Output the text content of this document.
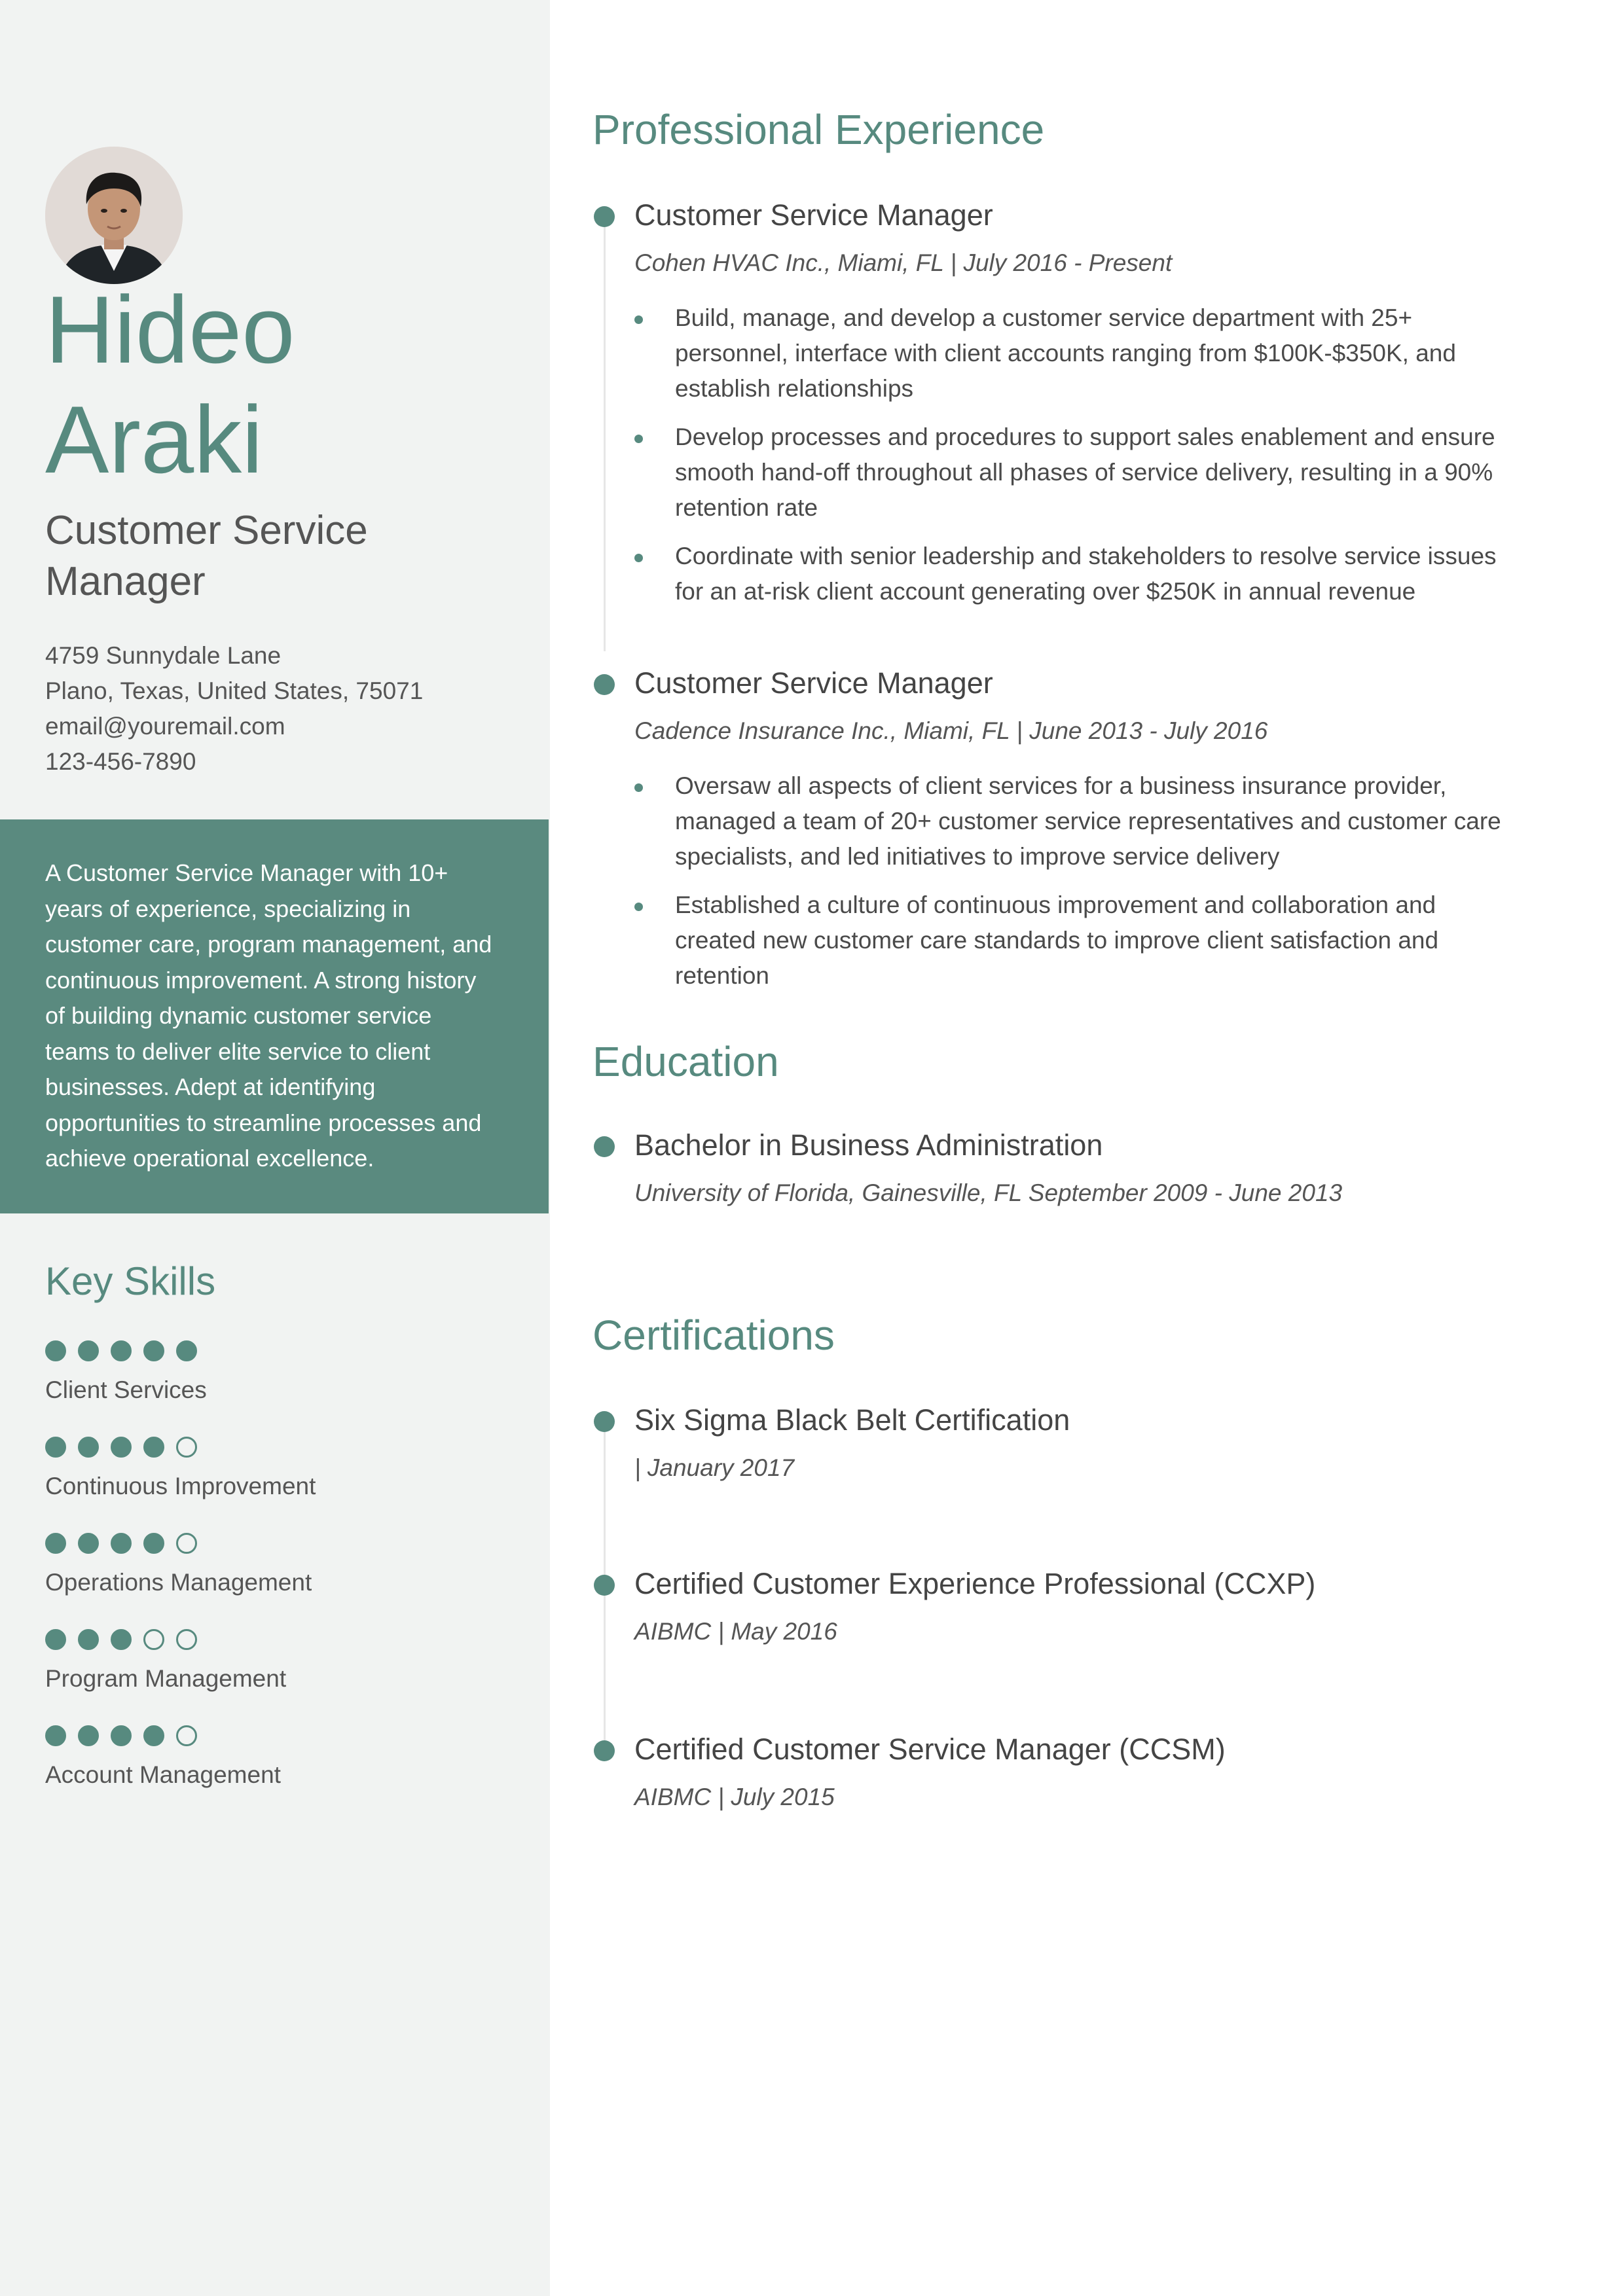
Hideo
Araki
Customer Service Manager
4759 Sunnydale Lane
Plano, Texas, United States, 75071
email@youremail.com
123-456-7890

A Customer Service Manager with 10+ years of experience, specializing in customer care, program management, and continuous improvement. A strong history of building dynamic customer service teams to deliver elite service to client businesses. Adept at identifying opportunities to streamline processes and achieve operational excellence.

Key Skills
Client Services
Continuous Improvement
Operations Management
Program Management
Account Management
Professional Experience
Customer Service Manager
Cohen HVAC Inc., Miami, FL | July 2016 - Present
Build, manage, and develop a customer service department with 25+ personnel, interface with client accounts ranging from $100K-$350K, and establish relationships
Develop processes and procedures to support sales enablement and ensure smooth hand-off throughout all phases of service delivery, resulting in a 90% retention rate
Coordinate with senior leadership and stakeholders to resolve service issues for an at-risk client account generating over $250K in annual revenue
Customer Service Manager
Cadence Insurance Inc., Miami, FL | June 2013 - July 2016
Oversaw all aspects of client services for a business insurance provider, managed a team of 20+ customer service representatives and customer care specialists, and led initiatives to improve service delivery
Established a culture of continuous improvement and collaboration and created new customer care standards to improve client satisfaction and retention
Education
Bachelor in Business Administration
University of Florida, Gainesville, FL September 2009 - June 2013
Certifications
Six Sigma Black Belt Certification
| January 2017
Certified Customer Experience Professional (CCXP)
AIBMC | May 2016
Certified Customer Service Manager (CCSM)
AIBMC | July 2015
